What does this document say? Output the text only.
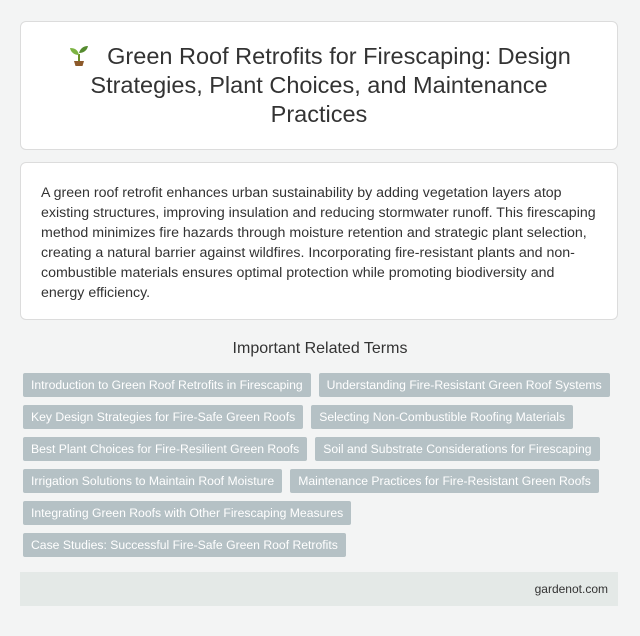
Green Roof Retrofits for Firescaping: Design Strategies, Plant Choices, and Maintenance Practices

A green roof retrofit enhances urban sustainability by adding vegetation layers atop existing structures, improving insulation and reducing stormwater runoff. This firescaping method minimizes fire hazards through moisture retention and strategic plant selection, creating a natural barrier against wildfires. Incorporating fire-resistant plants and non-combustible materials ensures optimal protection while promoting biodiversity and energy efficiency.

Important Related Terms
Introduction to Green Roof Retrofits in Firescaping	Understanding Fire-Resistant Green Roof Systems
Key Design Strategies for Fire-Safe Green Roofs	Selecting Non-Combustible Roofing Materials
Best Plant Choices for Fire-Resilient Green Roofs	Soil and Substrate Considerations for Firescaping
Irrigation Solutions to Maintain Roof Moisture	Maintenance Practices for Fire-Resistant Green Roofs
Integrating Green Roofs with Other Firescaping Measures
Case Studies: Successful Fire-Safe Green Roof Retrofits
gardenot.com
